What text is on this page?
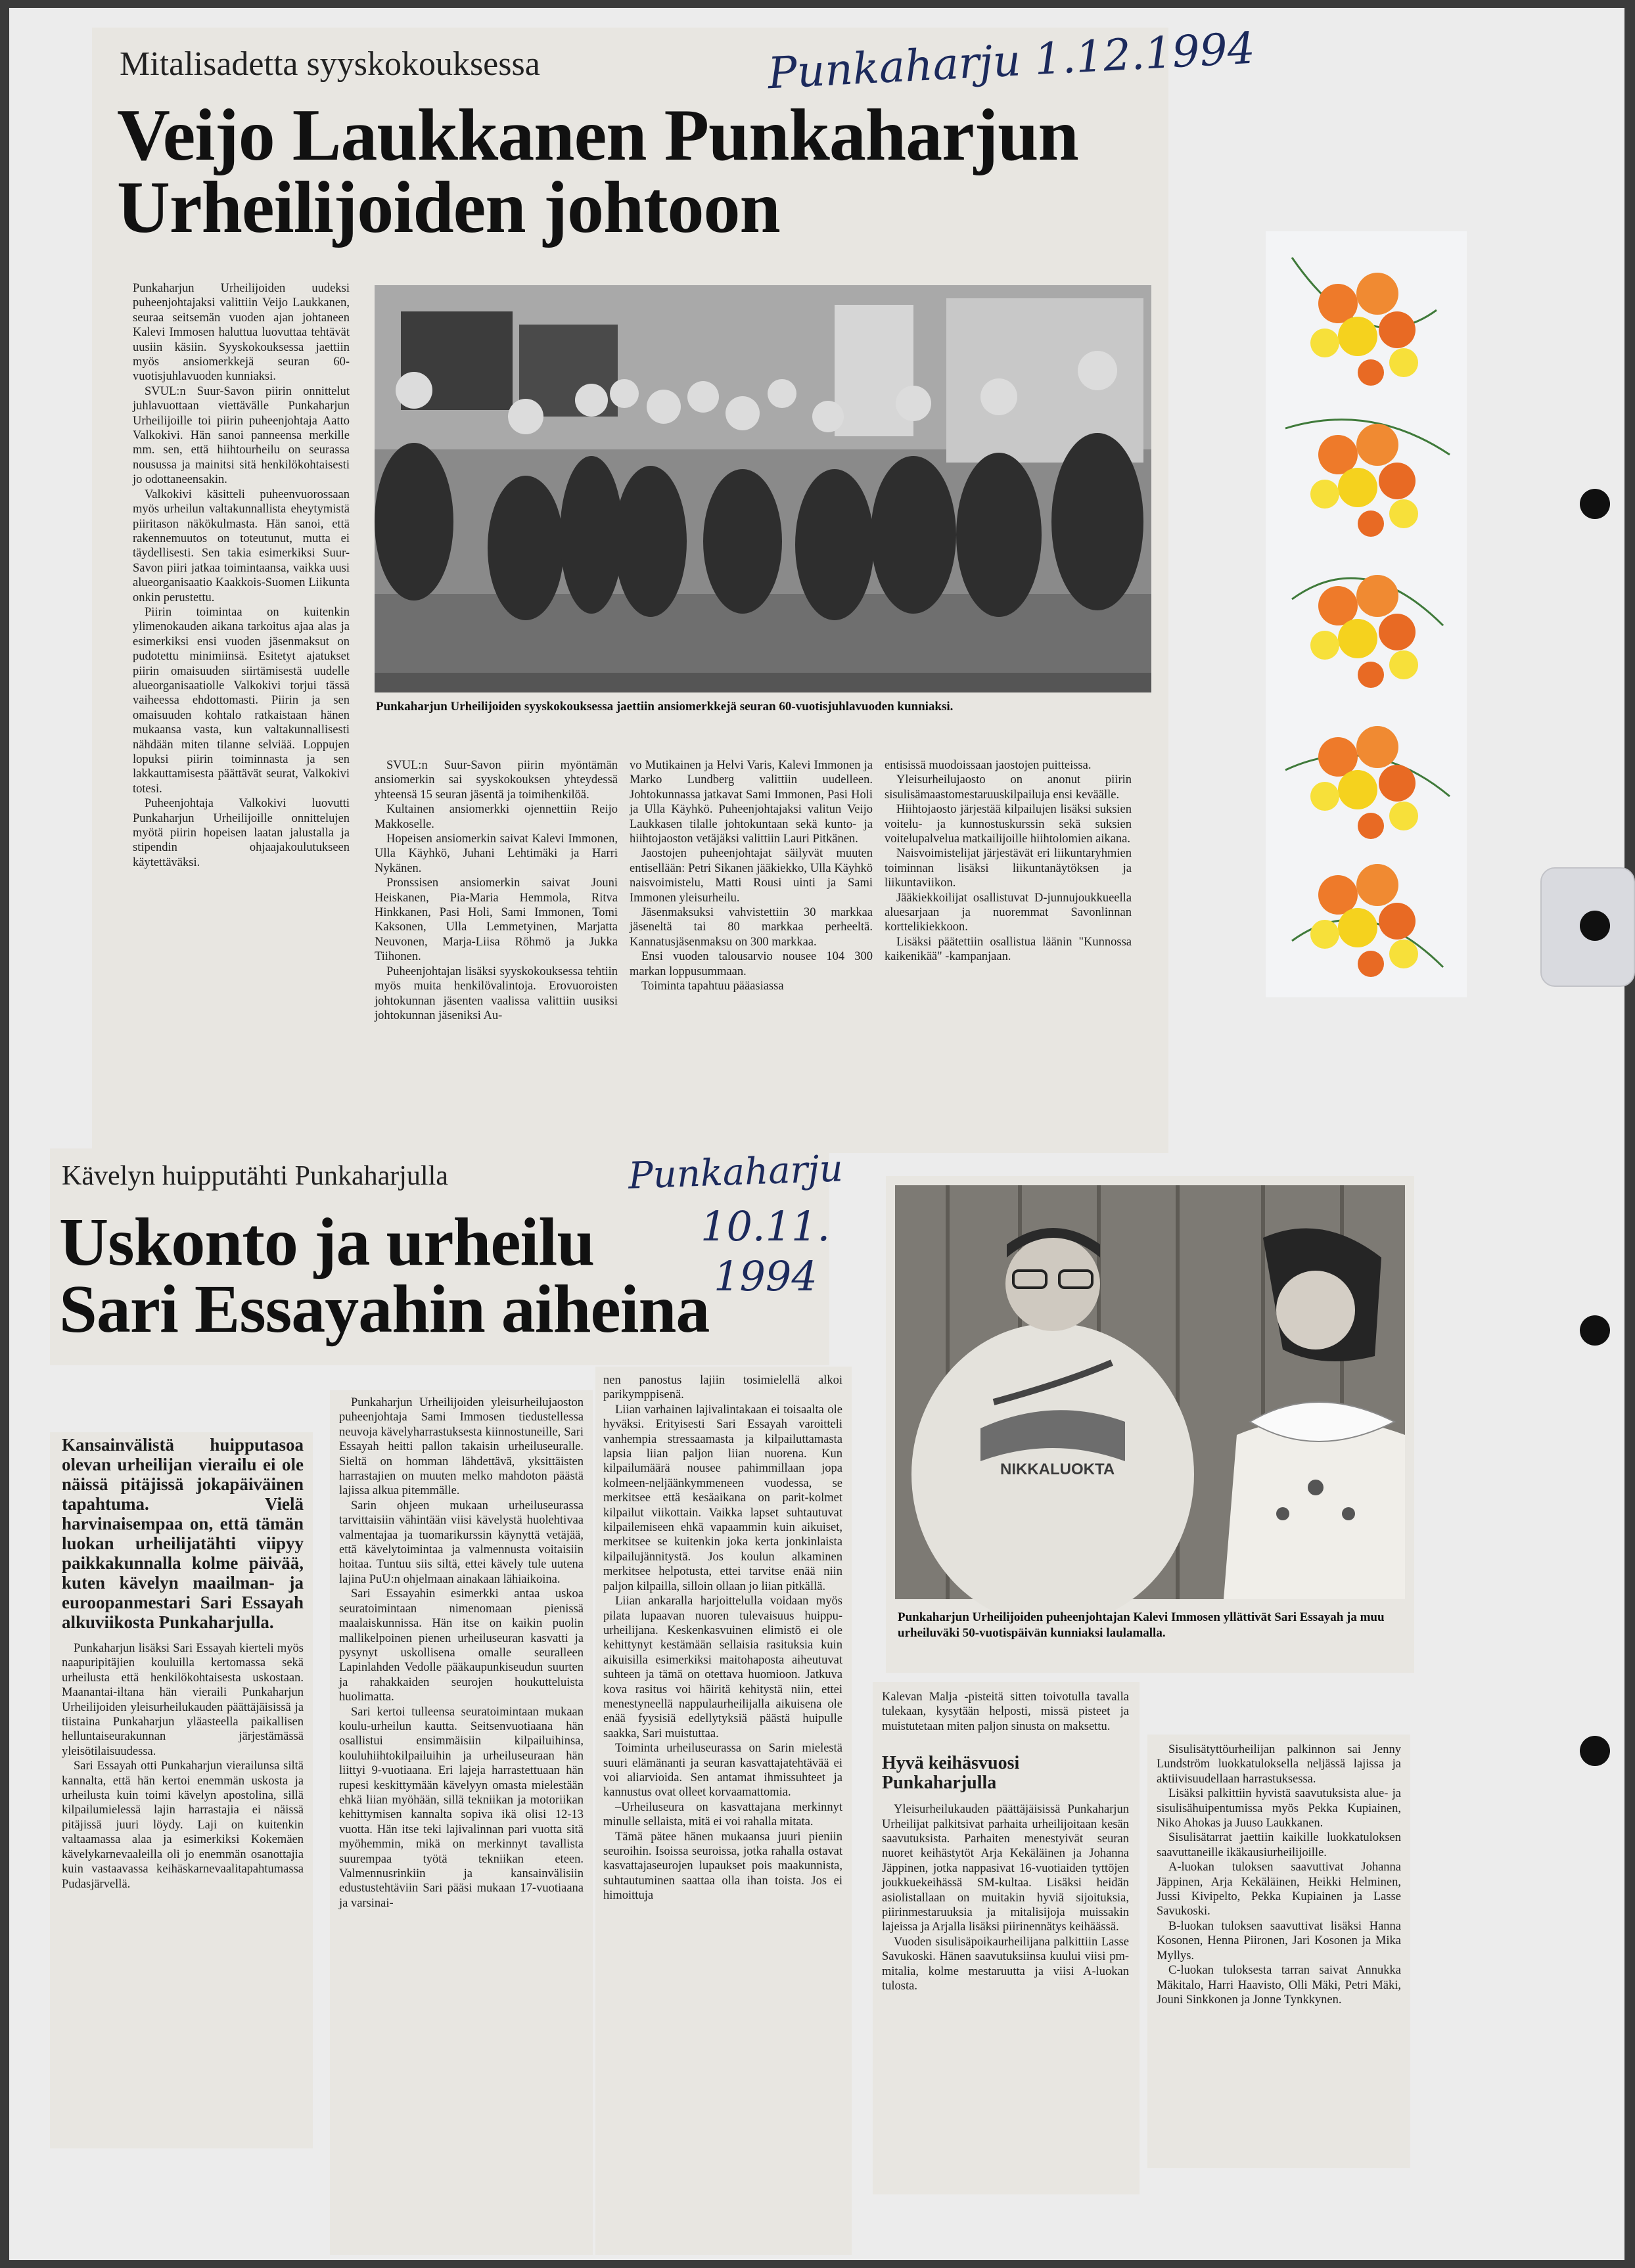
Mitalisadetta syyskokouksessa	Punkaharju 1.12.1994
Veijo Laukkanen Punkaharjun
Urheilijoiden johtoon

Punkaharjun Urheilijoiden uudeksi puheenjohtajaksi valittiin Veijo Laukkanen, seuraa seitsemän vuoden ajan johtaneen Kalevi Immosen haluttua luovuttaa tehtävät uusiin käsiin. Syyskokouksessa jaettiin myös ansiomerkkejä seuran 60-vuotisjuhlavuoden kunniaksi.

SVUL:n Suur-Savon piirin onnittelut juhlavuottaan viettävälle Punkaharjun Urheilijoille toi piirin puheenjohtaja Aatto Valkokivi. Hän sanoi panneensa merkille mm. sen, että hiihtourheilu on seurassa nousussa ja mainitsi sitä henkilökohtaisesti jo odottaneensakin.

Valkokivi käsitteli puheenvuorossaan myös urheilun valtakunnallista eheytymistä piiritason näkökulmasta. Hän sanoi, että rakennemuutos on toteutunut, mutta ei täydellisesti. Sen takia esimerkiksi Suur-Savon piiri jatkaa toimintaansa, vaikka uusi alueorganisaatio Kaakkois-Suomen Liikunta onkin perustettu.

Piirin toimintaa on kuitenkin ylimenokauden aikana tarkoitus ajaa alas ja esimerkiksi ensi vuoden jäsenmaksut on pudotettu minimiinsä. Esitetyt ajatukset piirin omaisuuden siirtämisestä uudelle alueorganisaatiolle Valkokivi torjui tässä vaiheessa ehdottomasti. Piirin ja sen omaisuuden kohtalo ratkaistaan hänen mukaansa vasta, kun valtakunnallisesti nähdään miten tilanne selviää. Loppujen lopuksi piirin toiminnasta ja sen lakkauttamisesta päättävät seurat, Valkokivi totesi.

Puheenjohtaja Valkokivi luovutti Punkaharjun Urheilijoille onnittelujen myötä piirin hopeisen laatan jalustalla ja stipendin ohjaajakoulutukseen käytettäväksi.

Punkaharjun Urheilijoiden syyskokouksessa jaettiin ansiomerkkejä seuran 60-vuotisjuhlavuoden kunniaksi.

SVUL:n Suur-Savon piirin myöntämän ansiomerkin sai syyskokouksen yhteydessä yhteensä 15 seuran jäsentä ja toimihenkilöä.

Kultainen ansiomerkki ojennettiin Reijo Makkoselle.

Hopeisen ansiomerkin saivat Kalevi Immonen, Ulla Käyhkö, Juhani Lehtimäki ja Harri Nykänen.

Pronssisen ansiomerkin saivat Jouni Heiskanen, Pia-Maria Hemmola, Ritva Hinkkanen, Pasi Holi, Sami Immonen, Tomi Kaksonen, Ulla Lemmetyinen, Marjatta Neuvonen, Marja-Liisa Röhmö ja Jukka Tiihonen.

Puheenjohtajan lisäksi syyskokouksessa tehtiin myös muita henkilövalintoja. Erovuoroisten johtokunnan jäsenten vaalissa valittiin uusiksi johtokunnan jäseniksi Au-

vo Mutikainen ja Helvi Varis, Kalevi Immonen ja Marko Lundberg valittiin uudelleen. Johtokunnassa jatkavat Sami Immonen, Pasi Holi ja Ulla Käyhkö. Puheenjohtajaksi valitun Veijo Laukkasen tilalle johtokuntaan sekä kunto- ja hiihtojaoston vetäjäksi valittiin Lauri Pitkänen.

Jaostojen puheenjohtajat säilyvät muuten entisellään: Petri Sikanen jääkiekko, Ulla Käyhkö naisvoimistelu, Matti Rousi uinti ja Sami Immonen yleisurheilu.

Jäsenmaksuksi vahvistettiin 30 markkaa jäseneltä tai 80 markkaa perheeltä. Kannatusjäsenmaksu on 300 markkaa.

Ensi vuoden talousarvio nousee 104 300 markan loppusummaan.

Toiminta tapahtuu pääasiassa

entisissä muodoissaan jaostojen puitteissa.

Yleisurheilujaosto on anonut piirin sisulisämaastomestaruuskilpailuja ensi keväälle.

Hiihtojaosto järjestää kilpailujen lisäksi suksien voitelu- ja kunnostuskurssin sekä suksien voitelupalvelua matkailijoille hiihtolomien aikana.

Naisvoimistelijat järjestävät eri liikuntaryhmien toiminnan lisäksi liikuntanäytöksen ja liikuntaviikon.

Jääkiekkoilijat osallistuvat D-junnujoukkueella aluesarjaan ja nuoremmat Savonlinnan korttelikiekkoon.

Lisäksi päätettiin osallistua läänin "Kunnossa kaikenikää" -kampanjaan.

Kävelyn huipputähti Punkaharjulla	Punkaharju
10.11.
1994
Uskonto ja urheilu
Sari Essayahin aiheina

Kansainvälistä huipputasoa olevan urheilijan vierailu ei ole näissä pitäjissä jokapäiväinen tapahtuma. Vielä harvinaisempaa on, että tämän luokan urheilijatähti viipyy paikkakunnalla kolme päivää, kuten kävelyn maailman- ja euroopanmestari Sari Essayah alkuviikosta Punkaharjulla.

Punkaharjun lisäksi Sari Essayah kierteli myös naapuripitäjien kouluilla kertomassa sekä urheilusta että henkilökohtaisesta uskostaan. Maanantai-iltana hän vieraili Punkaharjun Urheilijoiden yleisurheilukauden päättäjäisissä ja tiistaina Punkaharjun yläasteella paikallisen helluntaiseurakunnan järjestämässä yleisötilaisuudessa.

Sari Essayah otti Punkaharjun vierailunsa siltä kannalta, että hän kertoi enemmän uskosta ja urheilusta kuin toimi kävelyn apostolina, sillä kilpailumielessä lajin harrastajia ei näissä pitäjissä juuri löydy. Laji on kuitenkin valtaamassa alaa ja esimerkiksi Kokemäen kävelykarnevaaleilla oli jo enemmän osanottajia kuin vastaavassa keihäskarnevaalitapahtumassa Pudasjärvellä.

Punkaharjun Urheilijoiden yleisurheilujaoston puheenjohtaja Sami Immosen tiedustellessa neuvoja kävelyharrastuksesta kiinnostuneille, Sari Essayah heitti pallon takaisin urheiluseuralle. Sieltä on homman lähdettävä, yksittäisten harrastajien on muuten melko mahdoton päästä lajissa alkua pitemmälle.

Sarin ohjeen mukaan urheiluseurassa tarvittaisiin vähintään viisi kävelystä huolehtivaa valmentajaa ja tuomarikurssin käynyttä vetäjää, että kävelytoimintaa ja valmennusta voitaisiin hoitaa. Tuntuu siis siltä, ettei kävely tule uutena lajina PuU:n ohjelmaan ainakaan lähiaikoina.

Sari Essayahin esimerkki antaa uskoa seuratoimintaan nimenomaan pienissä maalaiskunnissa. Hän itse on kaikin puolin mallikelpoinen pienen urheiluseuran kasvatti ja pysynyt uskollisena omalle seuralleen Lapinlahden Vedolle pääkaupunkiseudun suurten ja rahakkaiden seurojen houkutteluista huolimatta.

Sari kertoi tulleensa seuratoimintaan mukaan koulu-urheilun kautta. Seitsenvuotiaana hän osallistui ensimmäisiin kilpailuihinsa, kouluhiihtokilpailuihin ja urheiluseuraan hän liittyi 9-vuotiaana. Eri lajeja harrastettuaan hän rupesi keskittymään kävelyyn omasta mielestään ehkä liian myöhään, sillä tekniikan ja motoriikan kehittymisen kannalta sopiva ikä olisi 12-13 vuotta. Hän itse teki lajivalinnan pari vuotta sitä myöhemmin, mikä on merkinnyt tavallista suurempaa työtä tekniikan eteen. Valmennusrinkiin ja kansainvälisiin edustustehtäviin Sari pääsi mukaan 17-vuotiaana ja varsinai-

nen panostus lajiin tosimielellä alkoi parikymppisenä.

Liian varhainen lajivalintakaan ei toisaalta ole hyväksi. Erityisesti Sari Essayah varoitteli vanhempia stressaamasta ja kilpailuttamasta lapsia liian paljon liian nuorena. Kun kilpailumäärä nousee pahimmillaan jopa kolmeen-neljäänkymmeneen vuodessa, se merkitsee että kesäaikana on parit-kolmet kilpailut viikottain. Vaikka lapset suhtautuvat kilpailemiseen ehkä vapaammin kuin aikuiset, merkitsee se kuitenkin joka kerta jonkinlaista kilpailujännitystä. Jos koulun alkaminen merkitsee helpotusta, ettei tarvitse enää niin paljon kilpailla, silloin ollaan jo liian pitkällä.

Liian ankaralla harjoittelulla voidaan myös pilata lupaavan nuoren tulevaisuus huippu-urheilijana. Keskenkasvuinen elimistö ei ole kehittynyt kestämään sellaisia rasituksia kuin aikuisilla esimerkiksi maitohaposta aiheutuvat suhteen ja tämä on otettava huomioon. Jatkuva kova rasitus voi häiritä kehitystä niin, ettei menestyneellä nappulaurheilijalla aikuisena ole enää fyysisiä edellytyksiä päästä huipulle saakka, Sari muistuttaa.

Toiminta urheiluseurassa on Sarin mielestä suuri elämänanti ja seuran kasvattajatehtävää ei voi aliarvioida. Sen antamat ihmissuhteet ja kannustus ovat olleet korvaamattomia.

–Urheiluseura on kasvattajana merkinnyt minulle sellaista, mitä ei voi rahalla mitata.

Tämä pätee hänen mukaansa juuri pieniin seuroihin. Isoissa seuroissa, jotka rahalla ostavat kasvattajaseurojen lupaukset pois maakunnista, suhtautuminen saattaa olla ihan toista. Jos ei himoittuja

NIKKALUOKTA
Punkaharjun Urheilijoiden puheenjohtajan Kalevi Immosen yllättivät Sari Essayah ja muu urheiluväki 50-vuotispäivän kunniaksi laulamalla.

Kalevan Malja -pisteitä sitten toivotulla tavalla tulekaan, kysytään helposti, missä pisteet ja muistutetaan miten paljon sinusta on maksettu.

Hyvä keihäsvuosi Punkaharjulla

Yleisurheilukauden päättäjäisissä Punkaharjun Urheilijat palkitsivat parhaita urheilijoitaan kesän saavutuksista. Parhaiten menestyivät seuran nuoret keihästytöt Arja Kekäläinen ja Johanna Jäppinen, jotka nappasivat 16-vuotiaiden tyttöjen joukkuekeihässä SM-kultaa. Lisäksi heidän asiolistallaan on muitakin hyviä sijoituksia, piirinmestaruuksia ja mitalisijoja muissakin lajeissa ja Arjalla lisäksi piirinennätys keihäässä.

Vuoden sisulisäpoikaurheilijana palkittiin Lasse Savukoski. Hänen saavutuksiinsa kuului viisi pm-mitalia, kolme mestaruutta ja viisi A-luokan tulosta.

Sisulisätyttöurheilijan palkinnon sai Jenny Lundström luokkatuloksella neljässä lajissa ja aktiivisuudellaan harrastuksessa.

Lisäksi palkittiin hyvistä saavutuksista alue- ja sisulisähuipentumissa myös Pekka Kupiainen, Niko Ahokas ja Juuso Laukkanen.

Sisulisätarrat jaettiin kaikille luokkatuloksen saavuttaneille ikäkausiurheilijoille.

A-luokan tuloksen saavuttivat Johanna Jäppinen, Arja Kekäläinen, Heikki Helminen, Jussi Kivipelto, Pekka Kupiainen ja Lasse Savukoski.

B-luokan tuloksen saavuttivat lisäksi Hanna Kosonen, Henna Piironen, Jari Kosonen ja Mika Myllys.

C-luokan tuloksesta tarran saivat Annukka Mäkitalo, Harri Haavisto, Olli Mäki, Petri Mäki, Jouni Sinkkonen ja Jonne Tynkkynen.
